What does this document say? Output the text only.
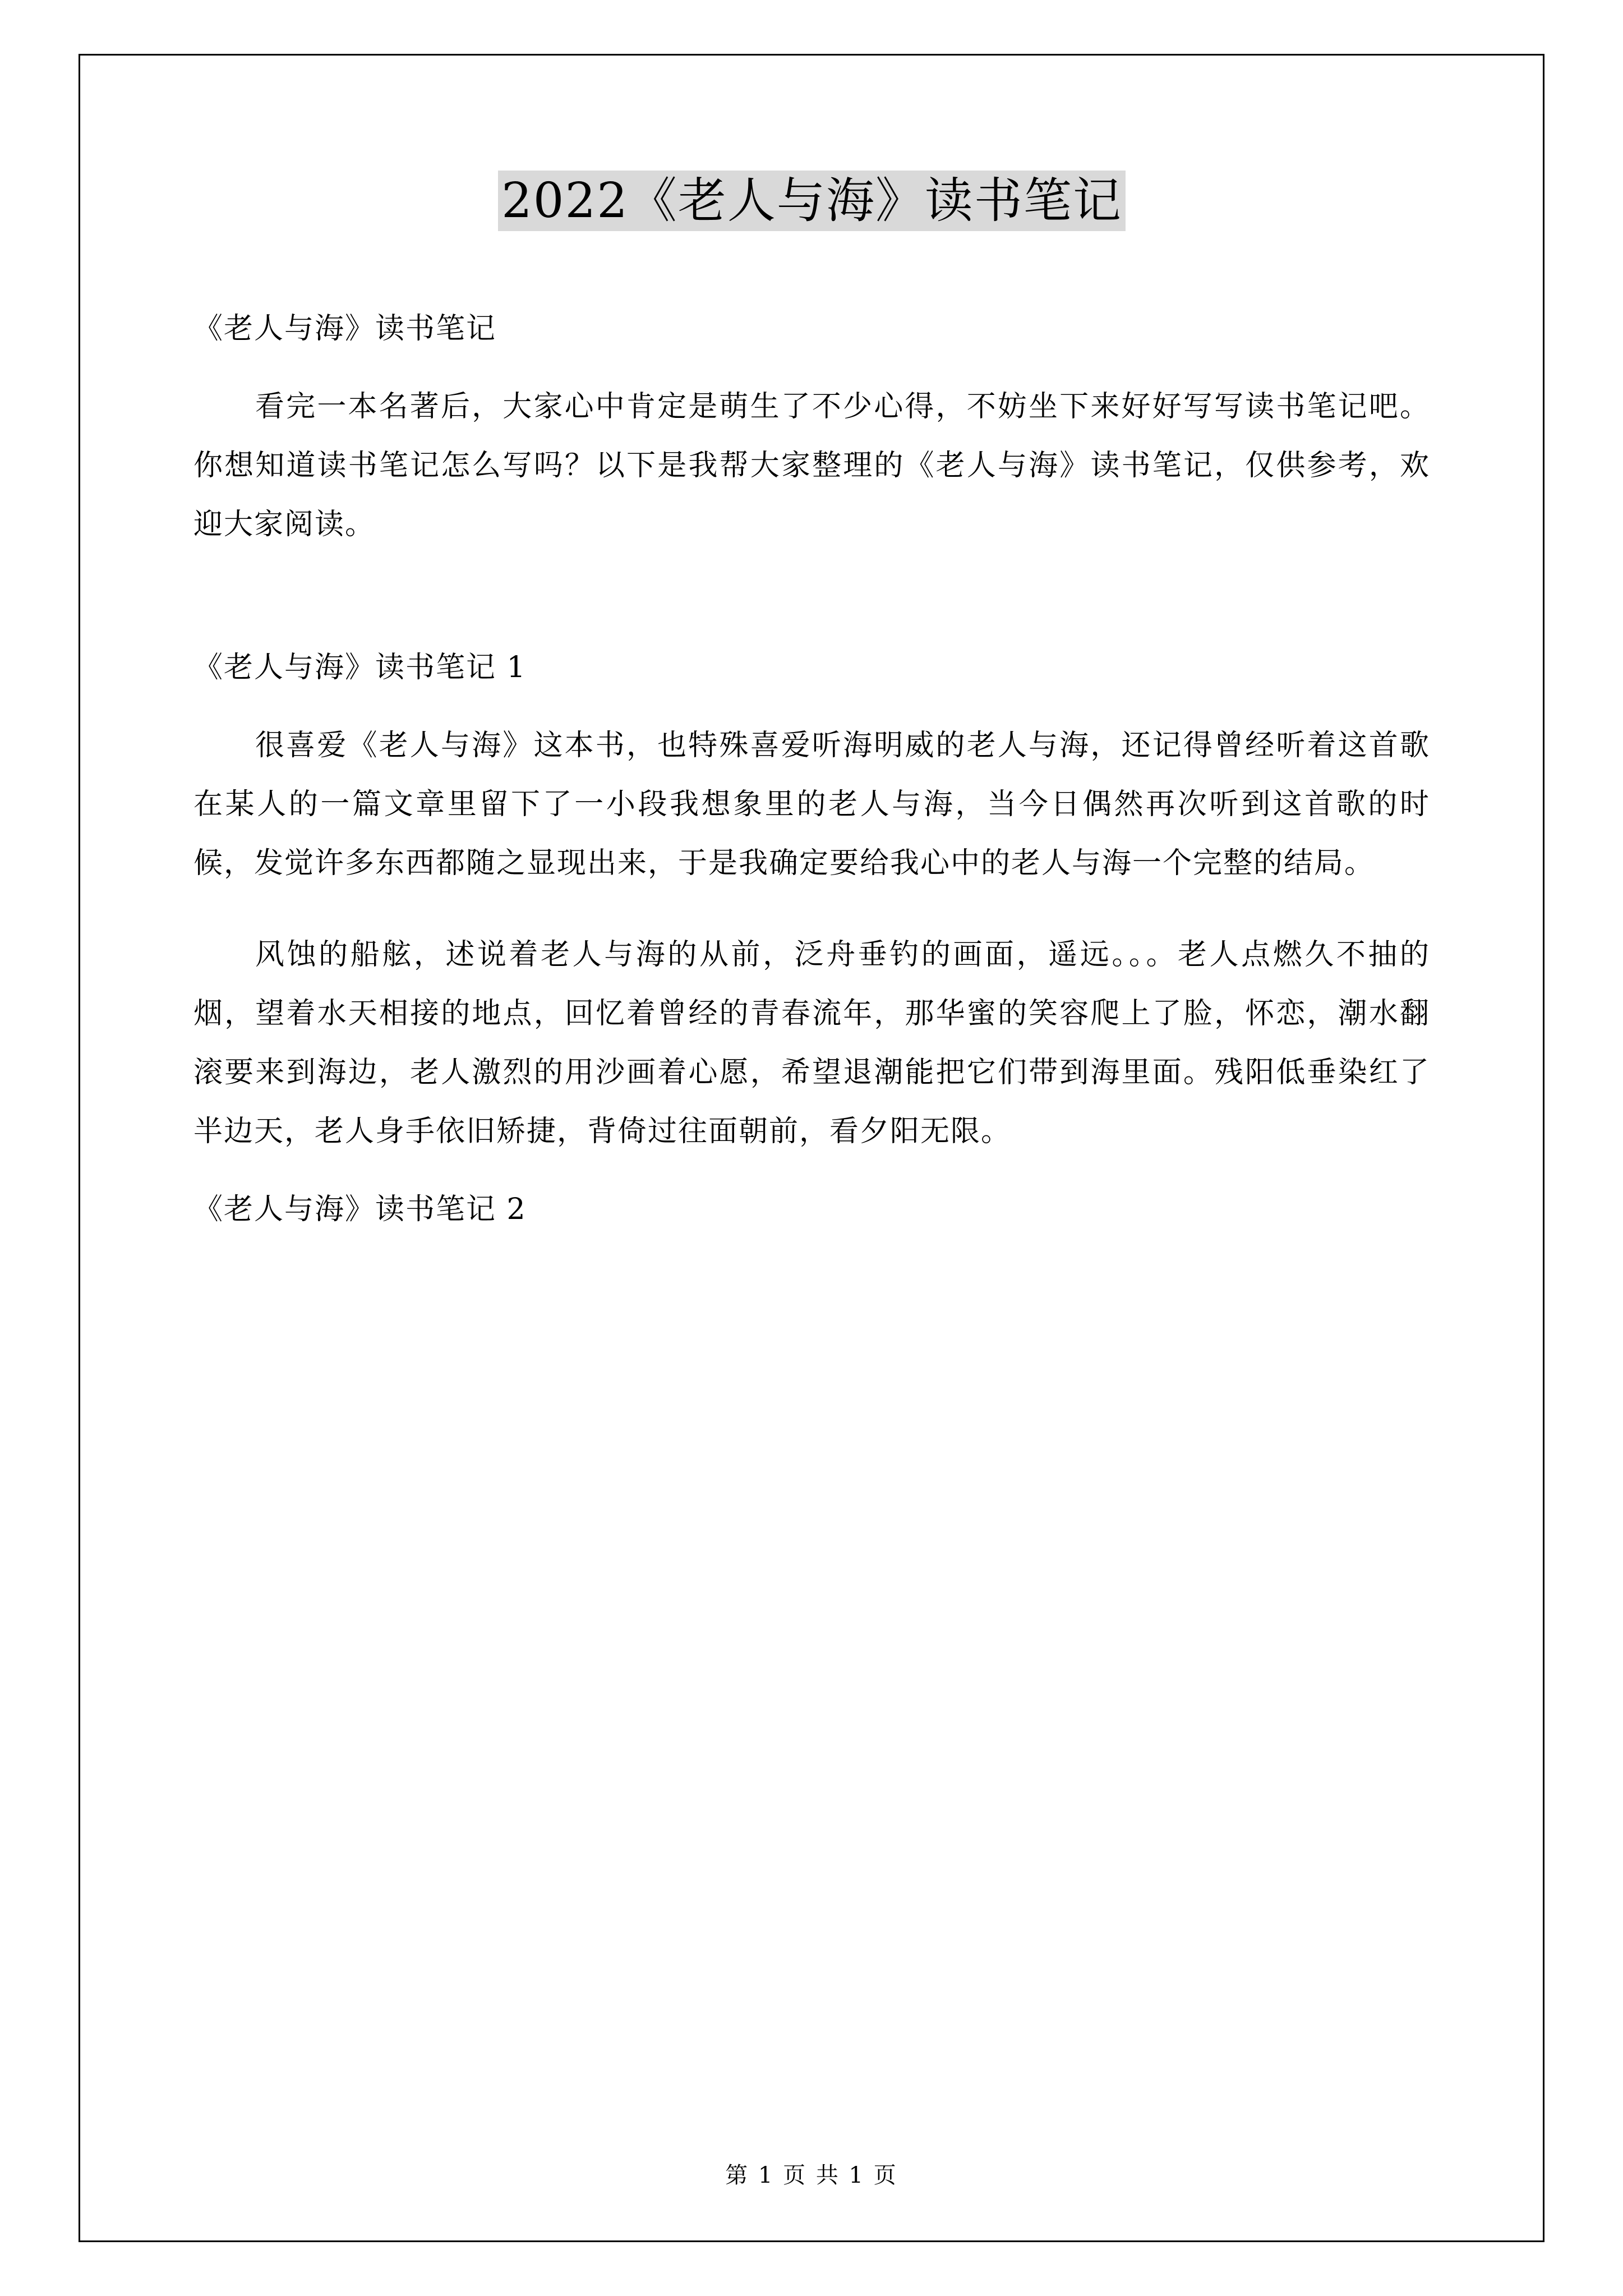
2022《老人与海》读书笔记

《老人与海》读书笔记

看完一本名著后，大家心中肯定是萌生了不少心得，不妨坐下来好好写写读书笔记吧。你想知道读书笔记怎么写吗？以下是我帮大家整理的《老人与海》读书笔记，仅供参考，欢迎大家阅读。

《老人与海》读书笔记 1

很喜爱《老人与海》这本书，也特殊喜爱听海明威的老人与海，还记得曾经听着这首歌在某人的一篇文章里留下了一小段我想象里的老人与海，当今日偶然再次听到这首歌的时候，发觉许多东西都随之显现出来，于是我确定要给我心中的老人与海一个完整的结局。

风蚀的船舷，述说着老人与海的从前，泛舟垂钓的画面，遥远。。。老人点燃久不抽的烟，望着水天相接的地点，回忆着曾经的青春流年，那华蜜的笑容爬上了脸，怀恋，潮水翻滚要来到海边，老人激烈的用沙画着心愿，希望退潮能把它们带到海里面。残阳低垂染红了半边天，老人身手依旧矫捷，背倚过往面朝前，看夕阳无限。

《老人与海》读书笔记 2

第 1 页 共 1 页
